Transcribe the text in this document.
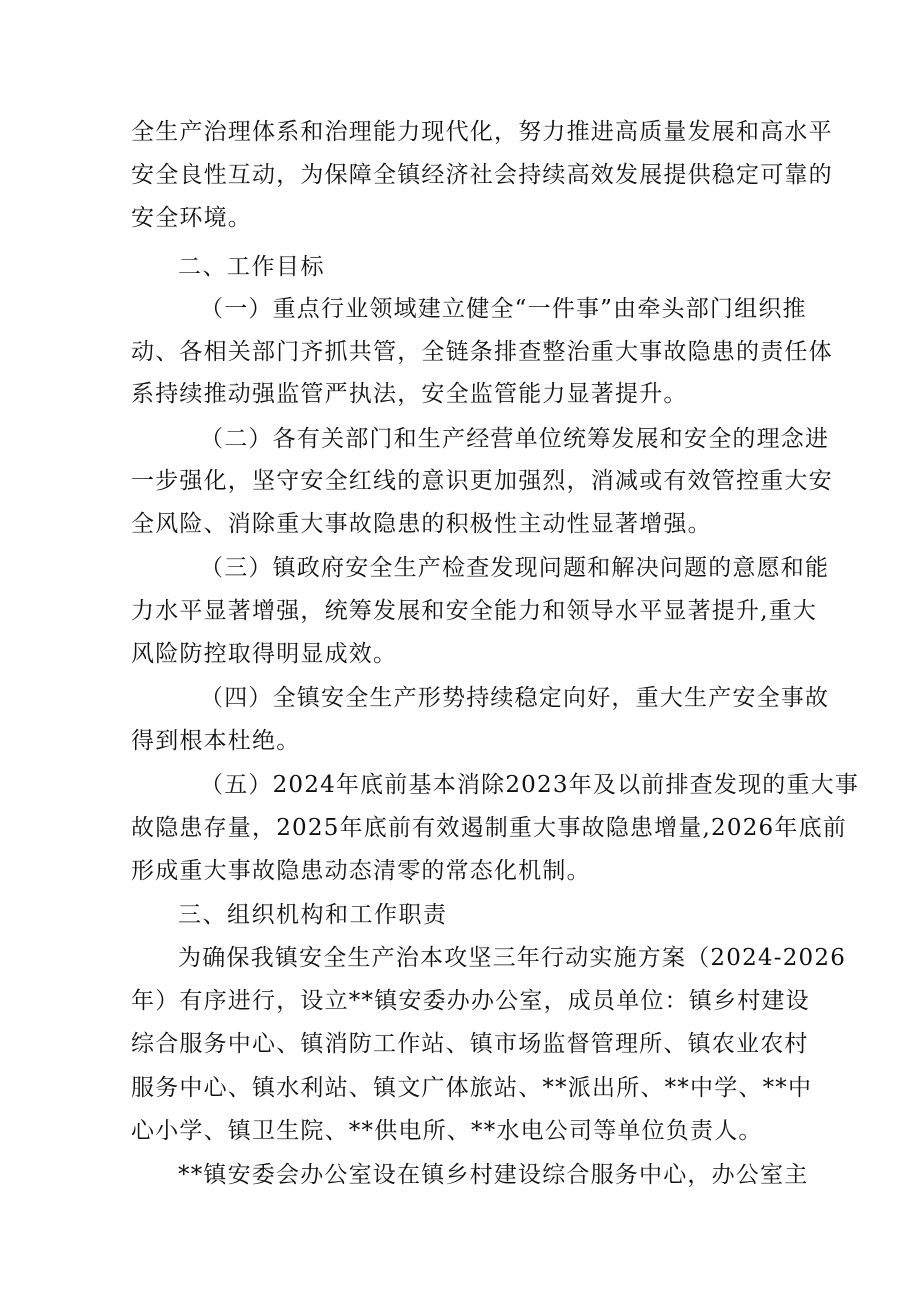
全生产治理体系和治理能力现代化，努力推进高质量发展和高水平
安全良性互动，为保障全镇经济社会持续高效发展提供稳定可靠的
安全环境。
二、工作目标
（一）重点行业领域建立健全“一件事”由牵头部门组织推
动、各相关部门齐抓共管，全链条排查整治重大事故隐患的责任体
系持续推动强监管严执法，安全监管能力显著提升。
（二）各有关部门和生产经营单位统筹发展和安全的理念进
一步强化，坚守安全红线的意识更加强烈，消减或有效管控重大安
全风险、消除重大事故隐患的积极性主动性显著增强。
（三）镇政府安全生产检查发现问题和解决问题的意愿和能
力水平显著增强，统筹发展和安全能力和领导水平显著提升,重大
风险防控取得明显成效。
（四）全镇安全生产形势持续稳定向好，重大生产安全事故
得到根本杜绝。
（五）2024年底前基本消除2023年及以前排查发现的重大事
故隐患存量，2025年底前有效遏制重大事故隐患增量,2026年底前
形成重大事故隐患动态清零的常态化机制。
三、组织机构和工作职责
为确保我镇安全生产治本攻坚三年行动实施方案（2024-2026
年）有序进行，设立**镇安委办办公室，成员单位：镇乡村建设
综合服务中心、镇消防工作站、镇市场监督管理所、镇农业农村
服务中心、镇水利站、镇文广体旅站、**派出所、**中学、**中
心小学、镇卫生院、**供电所、**水电公司等单位负责人。
**镇安委会办公室设在镇乡村建设综合服务中心，办公室主
